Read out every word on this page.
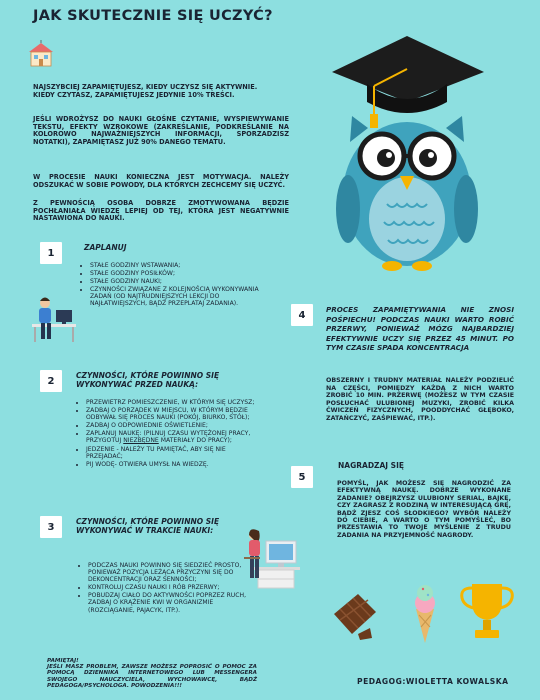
JAK SKUTECZNIE SIĘ UCZYĆ?
NAJSZYBCIEJ ZAPAMIĘTUJESZ, KIEDY UCZYSZ SIĘ AKTYWNIE.
KIEDY CZYTASZ, ZAPAMIĘTUJESZ JEDYNIE 10% TREŚCI.
JEŚLI WDROŻYSZ DO NAUKI GŁOŚNE CZYTANIE, WYSPIEWYWANIE TEKSTU, EFEKTY WZROKOWE (ZAKREŚLANIE, PODKREŚLANIE NA KOLOROWO NAJWAŻNIEJSZYCH INFORMACJI, SPORZADZISZ NOTATKI), ZAPAMIĘTASZ JUŻ 90% DANEGO TEMATU.
W PROCESIE NAUKI KONIECZNA JEST MOTYWACJA. NALEŻY ODSZUKAĆ W SOBIE POWODY, DLA KTÓRYCH ZECHCEMY SIĘ UCZYĆ.
Z PEWNOŚCIĄ OSOBA DOBRZE ZMOTYWOWANA BĘDZIE POCHŁANIAŁA WIEDZĘ LEPIEJ OD TEJ, KTÓRA JEST NEGATYWNIE NASTAWIONA DO NAUKI.
1	ZAPLANUJ
• STAŁE GODZINY WSTAWANIA;
• STAŁE GODZINY POSIŁKÓW;
• STAŁE GODZINY NAUKI;
• CZYNNOŚCI ZWIĄZANE Z KOLEJNOŚCIĄ WYKONYWANIA ZADAŃ (OD NAJTRUDNIEJSZYCH LEKCJI DO NAJŁATWIEJSZYCH, BĄDŹ PRZEPLATAJ ZADANIA).
2	CZYNNOŚCI, KTÓRE POWINNO SIĘ WYKONYWAĆ PRZED NAUKĄ:
• PRZEWIETRZ POMIESZCZENIE, W KTÓRYM SIĘ UCZYSZ;
• ZADBAJ O PORZĄDEK W MIEJSCU, W KTÓRYM BĘDZIE ODBYWAŁ SIĘ PROCES NAUKI (POKÓJ, BIURKO, STÓŁ);
• ZADBAJ O ODPOWIEDNIE OŚWIETLENIE;
• ZAPLANUJ NAUKĘ: (PILNUJ CZASU WYTĘŻONEJ PRACY, PRZYGOTUJ NIEZBĘDNE MATERIAŁY DO PRACY);
• JEDZENIE - NALEŻY TU PAMIĘTAĆ, ABY SIĘ NIE PRZEJADAĆ;
• PIJ WODĘ- OTWIERA UMYSŁ NA WIEDZĘ.
3	CZYNNOŚCI, KTÓRE POWINNO SIĘ WYKONYWAĆ W TRAKCIE NAUKI:
• PODCZAS NAUKI POWINNO SIĘ SIEDZIEĆ PROSTO, PONIEWAŻ POZYCJA LEŻĄCA PRZYCZYNI SIĘ DO DEKONCENTRACJI ORAZ SENNOŚCI;
• KONTROLUJ CZASU NAUKI I RÓB PRZERWY;
• POBUDZAJ CIAŁO DO AKTYWNOŚCI POPRZEZ RUCH, ZADBAJ O KRĄŻENIE KWI W ORGANIZMIE (ROZCIĄGANIE, PAJACYK, ITP.).
4	PROCES ZAPAMIĘTYWANIA NIE ZNOSI POŚPIECHU! PODCZAS NAUKI WARTO ROBIĆ PRZERWY, PONIEWAŻ MÓZG NAJBARDZIEJ EFEKTYWNIE UCZY SIĘ PRZEZ 45 MINUT. PO TYM CZASIE SPADA KONCENTRACJA
OBSZERNY I TRUDNY MATERIAŁ NALEŻY PODZIELIĆ NA CZĘŚCI, POMIĘDZY KAŻDĄ Z NICH WARTO ZROBIĆ 10 MIN. PRZERWĘ (MOŻESZ W TYM CZASIE POSŁUCHAĆ ULUBIONEJ MUZYKI, ZROBIĆ KILKA ĆWICZEŃ FIZYCZNYCH, POODDYCHAĆ GŁĘBOKO, ZATAŃCZYĆ, ZAŚPIEWAĆ, ITP.).
5
NAGRADZAJ SIĘ
POMYŚL, JAK MOŻESZ SIĘ NAGRODZIĆ ZA EFEKTYWNĄ NAUKĘ. DOBRZE WYKONANE ZADANIE? OBEJRZYSZ ULUBIONY SERIAL, BAJKĘ, CZY ZAGRASZ Z RODZINĄ W INTERESUJĄCĄ GRĘ, BĄDŹ ZJESZ COŚ SŁODKIEGO? WYBÓR NALEŻY DO CIEBIE, A WARTO O TYM POMYŚLEĆ, BO PRZESTAWIA TO TWOJE MYŚLENIE Z TRUDU ZADANIA NA PRZYJEMNOŚĆ NAGRODY.
PAMIĘTAJ!
JEŚLI MASZ PROBLEM, ZAWSZE MOŻESZ POPROSIĆ O POMOC ZA POMOCĄ DZIENNIKA INTERNETOWEGO LUB MESSENGERA SWOJEGO NAUCZYCIELA, WYCHOWAWCĘ, BĄDŹ PEDAGOGA/PSYCHOLOGA. POWODZENIA!!!	PEDAGOG:WIOLETTA KOWALSKA
